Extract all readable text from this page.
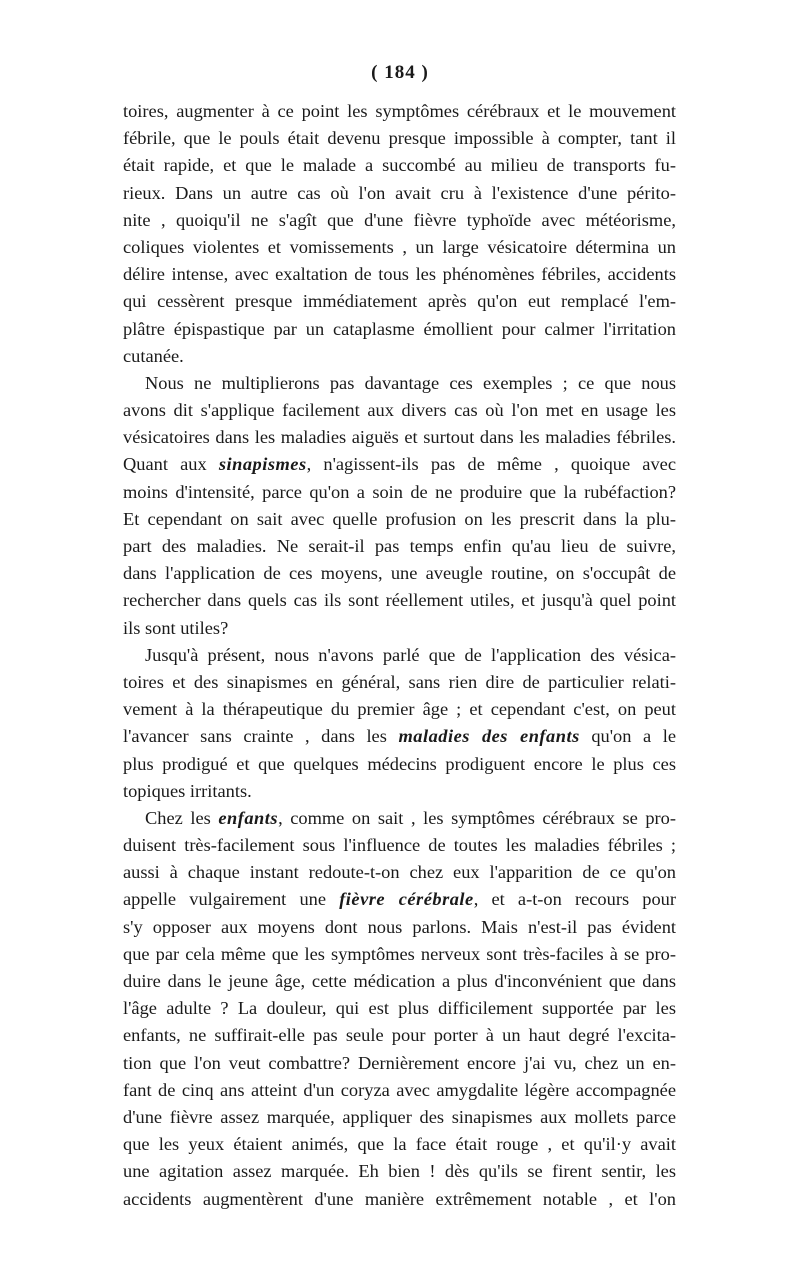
( 184 )
toires, augmenter à ce point les symptômes cérébraux et le mouvement
fébrile, que le pouls était devenu presque impossible à compter, tant il
était rapide, et que le malade a succombé au milieu de transports fu-
rieux. Dans un autre cas où l'on avait cru à l'existence d'une périto-
nite , quoiqu'il ne s'agît que d'une fièvre typhoïde avec météorisme,
coliques violentes et vomissements , un large vésicatoire détermina un
délire intense, avec exaltation de tous les phénomènes fébriles, accidents
qui cessèrent presque immédiatement après qu'on eut remplacé l'em-
plâtre épispastique par un cataplasme émollient pour calmer l'irritation
cutanée.
Nous ne multiplierons pas davantage ces exemples ; ce que nous
avons dit s'applique facilement aux divers cas où l'on met en usage les
vésicatoires dans les maladies aiguës et surtout dans les maladies fébriles.
Quant aux sinapismes, n'agissent-ils pas de même , quoique avec
moins d'intensité, parce qu'on a soin de ne produire que la rubéfaction?
Et cependant on sait avec quelle profusion on les prescrit dans la plu-
part des maladies. Ne serait-il pas temps enfin qu'au lieu de suivre,
dans l'application de ces moyens, une aveugle routine, on s'occupât de
rechercher dans quels cas ils sont réellement utiles, et jusqu'à quel point
ils sont utiles?
Jusqu'à présent, nous n'avons parlé que de l'application des vésica-
toires et des sinapismes en général, sans rien dire de particulier relati-
vement à la thérapeutique du premier âge ; et cependant c'est, on peut
l'avancer sans crainte , dans les maladies des enfants qu'on a le
plus prodigué et que quelques médecins prodiguent encore le plus ces
topiques irritants.
Chez les enfants, comme on sait , les symptômes cérébraux se pro-
duisent très-facilement sous l'influence de toutes les maladies fébriles ;
aussi à chaque instant redoute-t-on chez eux l'apparition de ce qu'on
appelle vulgairement une fièvre cérébrale, et a-t-on recours pour
s'y opposer aux moyens dont nous parlons. Mais n'est-il pas évident
que par cela même que les symptômes nerveux sont très-faciles à se pro-
duire dans le jeune âge, cette médication a plus d'inconvénient que dans
l'âge adulte ? La douleur, qui est plus difficilement supportée par les
enfants, ne suffirait-elle pas seule pour porter à un haut degré l'excita-
tion que l'on veut combattre? Dernièrement encore j'ai vu, chez un en-
fant de cinq ans atteint d'un coryza avec amygdalite légère accompagnée
d'une fièvre assez marquée, appliquer des sinapismes aux mollets parce
que les yeux étaient animés, que la face était rouge , et qu'il·y avait
une agitation assez marquée. Eh bien ! dès qu'ils se firent sentir, les
accidents augmentèrent d'une manière extrêmement notable , et l'on
